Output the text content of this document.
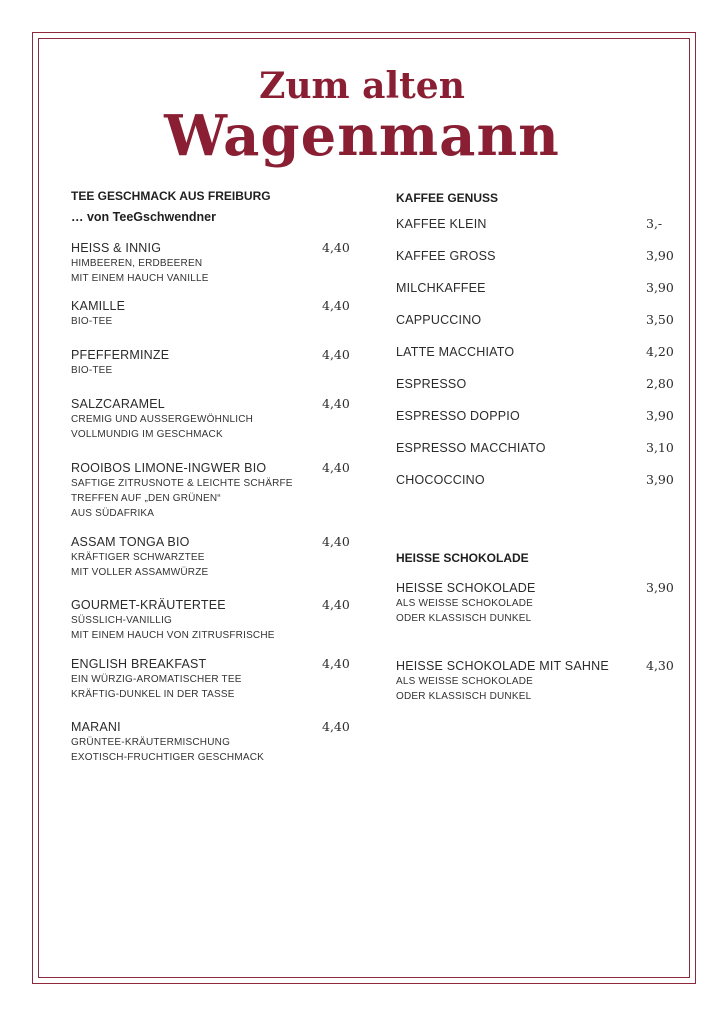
Zum alten
Wagenmann
TEE GESCHMACK AUS FREIBURG
… von TeeGschwendner
HEISS & INNIG
HIMBEEREN, ERDBEEREN
MIT EINEM HAUCH VANILLE
4,40
KAMILLE
BIO-TEE
4,40
PFEFFERMINZE
BIO-TEE
4,40
SALZCARAMEL
CREMIG UND AUSSERGEWÖHNLICH
VOLLMUNDIG IM GESCHMACK
4,40
ROOIBOS LIMONE-INGWER BIO
SAFTIGE ZITRUSNOTE & LEICHTE SCHÄRFE
TREFFEN AUF „DEN GRÜNEN“
AUS SÜDAFRIKA
4,40
ASSAM TONGA BIO
KRÄFTIGER SCHWARZTEE
MIT VOLLER ASSAMWÜRZE
4,40
GOURMET-KRÄUTERTEE
SÜSSLICH-VANILLIG
MIT EINEM HAUCH VON ZITRUSFRISCHE
4,40
ENGLISH BREAKFAST
EIN WÜRZIG-AROMATISCHER TEE
KRÄFTIG-DUNKEL IN DER TASSE
4,40
MARANI
GRÜNTEE-KRÄUTERMISCHUNG
EXOTISCH-FRUCHTIGER GESCHMACK
4,40
KAFFEE GENUSS
KAFFEE KLEIN	3,-
KAFFEE GROSS	3,90
MILCHKAFFEE	3,90
CAPPUCCINO	3,50
LATTE MACCHIATO	4,20
ESPRESSO	2,80
ESPRESSO DOPPIO	3,90
ESPRESSO MACCHIATO	3,10
CHOCOCCINO	3,90
HEISSE SCHOKOLADE
HEISSE SCHOKOLADE
ALS WEISSE SCHOKOLADE
ODER KLASSISCH DUNKEL
3,90
HEISSE SCHOKOLADE MIT SAHNE
ALS WEISSE SCHOKOLADE
ODER KLASSISCH DUNKEL
4,30
